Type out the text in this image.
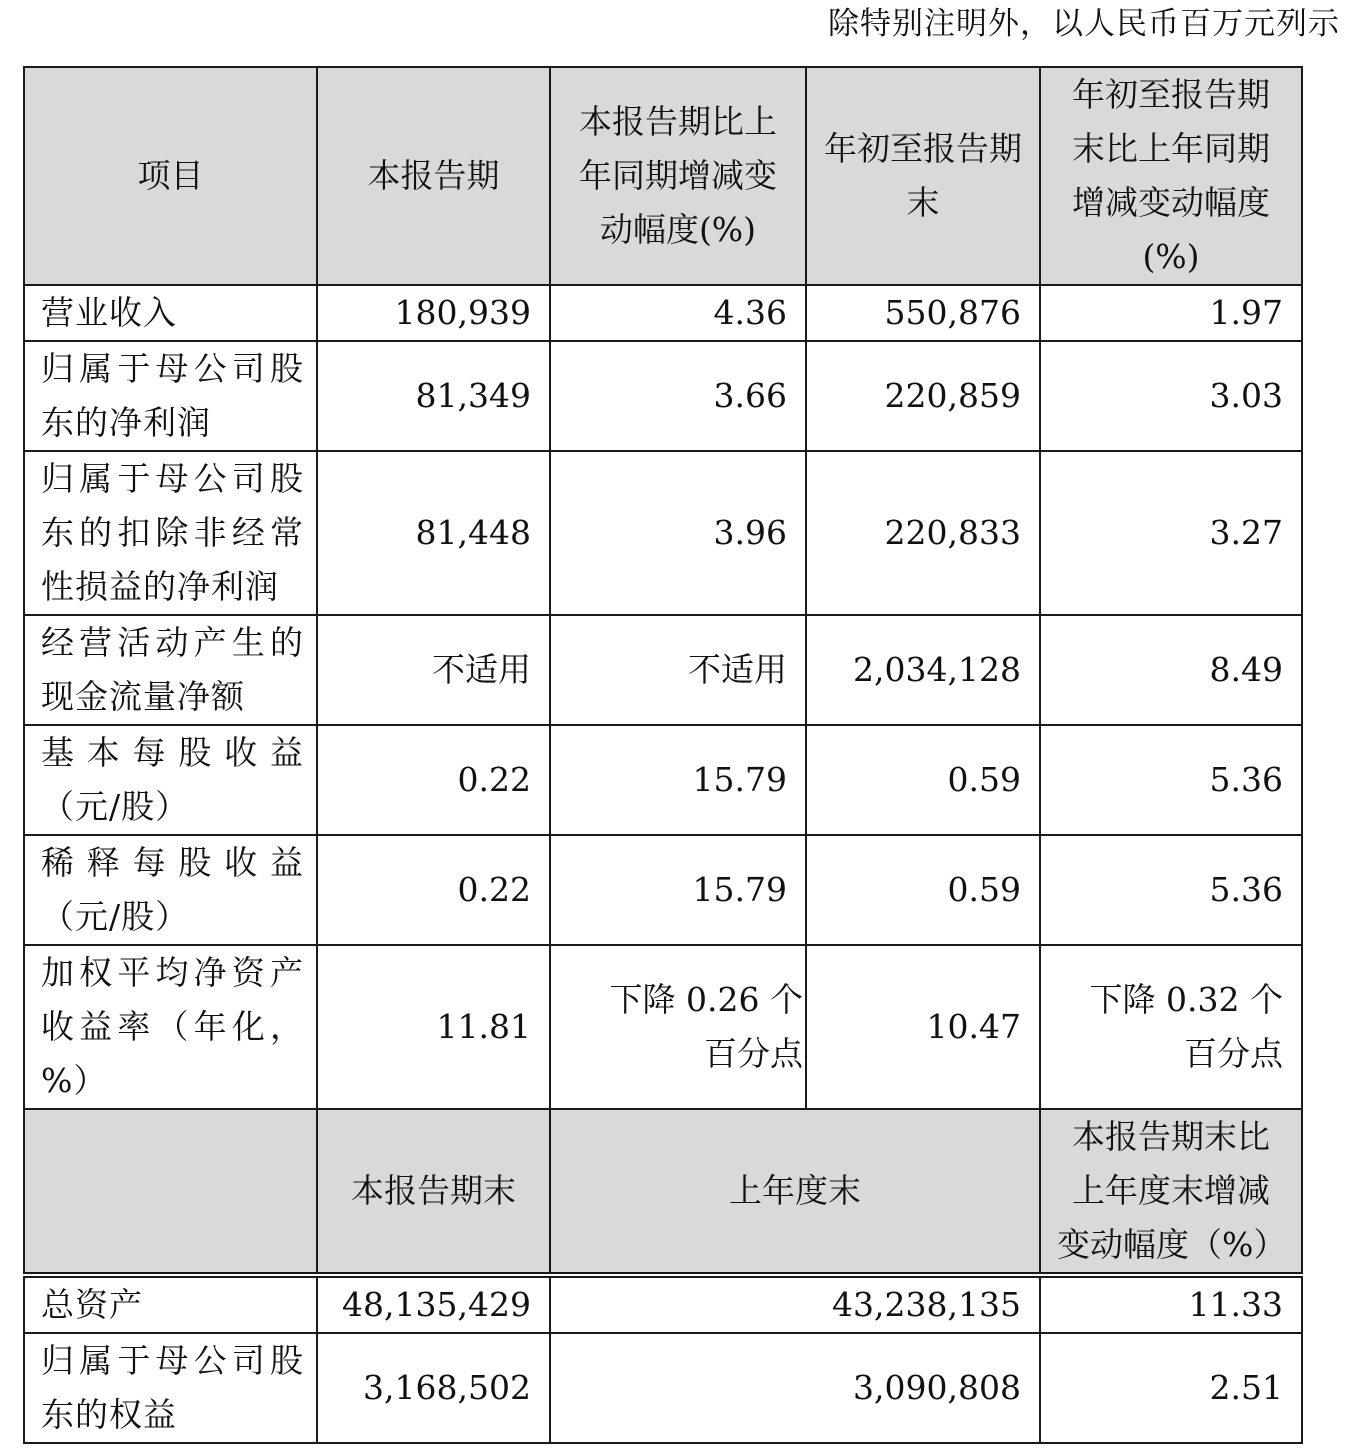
除特别注明外，以人民币百万元列示
项目	本报告期	本报告期比上年同期增减变动幅度(%)	年初至报告期末	年初至报告期末比上年同期增减变动幅度(%)
营业收入	180,939	4.36	550,876	1.97
归属于母公司股东的净利润	81,349	3.66	220,859	3.03
归属于母公司股东的扣除非经常性损益的净利润	81,448	3.96	220,833	3.27
经营活动产生的现金流量净额	不适用	不适用	2,034,128	8.49
基本每股收益（元/股）	0.22	15.79	0.59	5.36
稀释每股收益（元/股）	0.22	15.79	0.59	5.36
加权平均净资产收益率（年化，%）	11.81	下降 0.26 个百分点	10.47	下降 0.32 个百分点
	本报告期末	上年度末		本报告期末比上年度末增减变动幅度（%）
总资产	48,135,429	43,238,135	11.33
归属于母公司股东的权益	3,168,502	3,090,808	2.51
